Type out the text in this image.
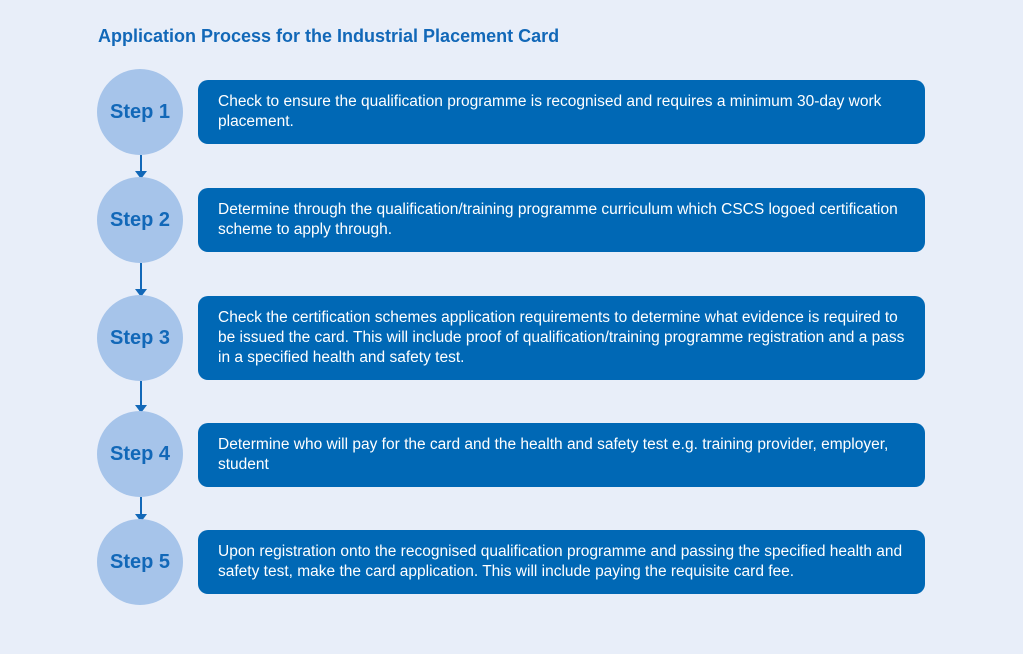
Application Process for the Industrial Placement Card
Step 1	Check to ensure the qualification programme is recognised and requires a minimum 30-day work placement.
Step 2	Determine through the qualification/training programme curriculum which CSCS logoed certification scheme to apply through.
Step 3
Check the certification schemes application requirements to determine what evidence is required to be issued the card. This will include proof of qualification/training programme registration and a pass in a specified health and safety test.
Step 4	Determine who will pay for the card and the health and safety test e.g. training provider, employer, student
Step 5	Upon registration onto the recognised qualification programme and passing the specified health and safety test, make the card application. This will include paying the requisite card fee.
